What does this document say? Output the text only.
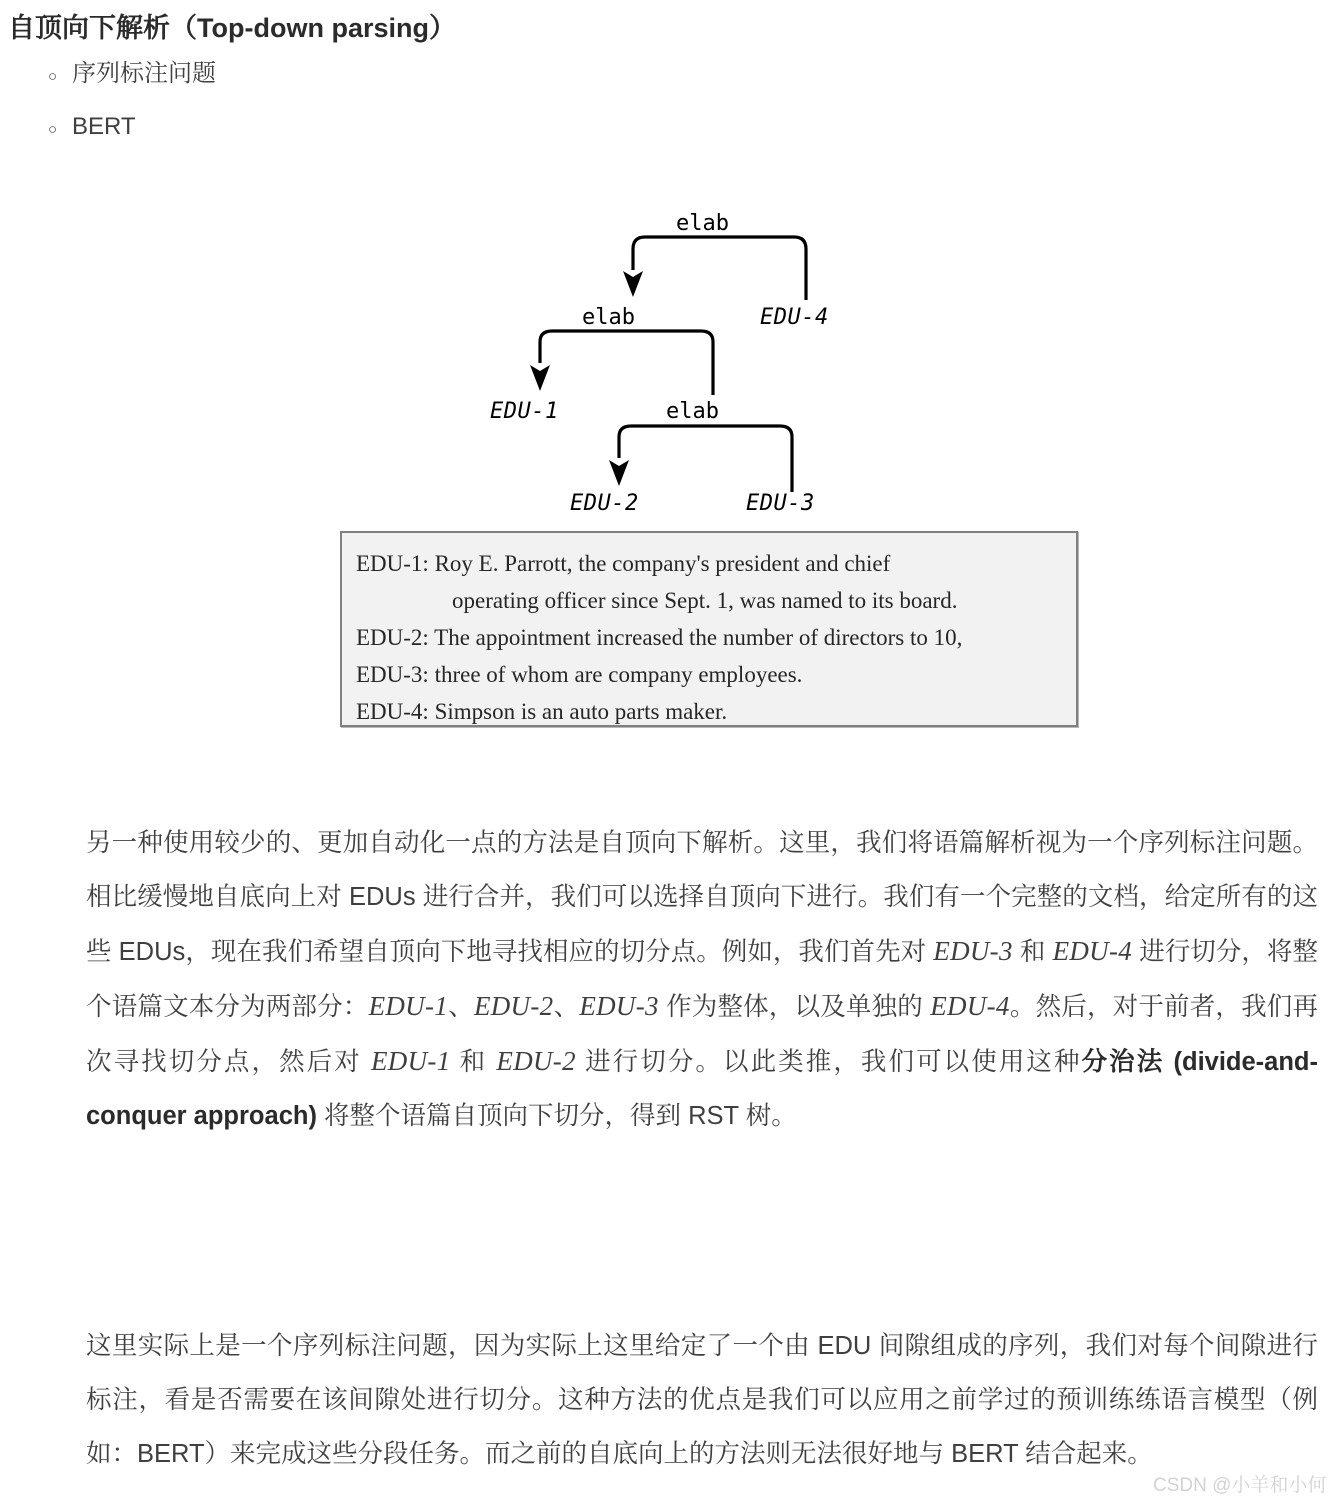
自顶向下解析（Top-down parsing）
○ 序列标注问题
○ BERT
elab
elab	EDU-4
EDU-1	elab
EDU-2	EDU-3
EDU-1: Roy E. Parrott, the company's president and chief
operating officer since Sept. 1, was named to its board.
EDU-2: The appointment increased the number of directors to 10,
EDU-3: three of whom are company employees.
EDU-4: Simpson is an auto parts maker.

另一种使用较少的、更加自动化一点的方法是自顶向下解析。这里，我们将语篇解析视为一个序列标注问题。相比缓慢地自底向上对 EDUs 进行合并，我们可以选择自顶向下进行。我们有一个完整的文档，给定所有的这些 EDUs，现在我们希望自顶向下地寻找相应的切分点。例如，我们首先对 EDU-3 和 EDU-4 进行切分，将整个语篇文本分为两部分：EDU-1、EDU-2、EDU-3 作为整体，以及单独的 EDU-4。然后，对于前者，我们再次寻找切分点，然后对 EDU-1 和 EDU-2 进行切分。以此类推，我们可以使用这种分治法 (divide-and-conquer approach) 将整个语篇自顶向下切分，得到 RST 树。

这里实际上是一个序列标注问题，因为实际上这里给定了一个由 EDU 间隙组成的序列，我们对每个间隙进行标注，看是否需要在该间隙处进行切分。这种方法的优点是我们可以应用之前学过的预训练练语言模型（例如：BERT）来完成这些分段任务。而之前的自底向上的方法则无法很好地与 BERT 结合起来。

CSDN @小羊和小何
